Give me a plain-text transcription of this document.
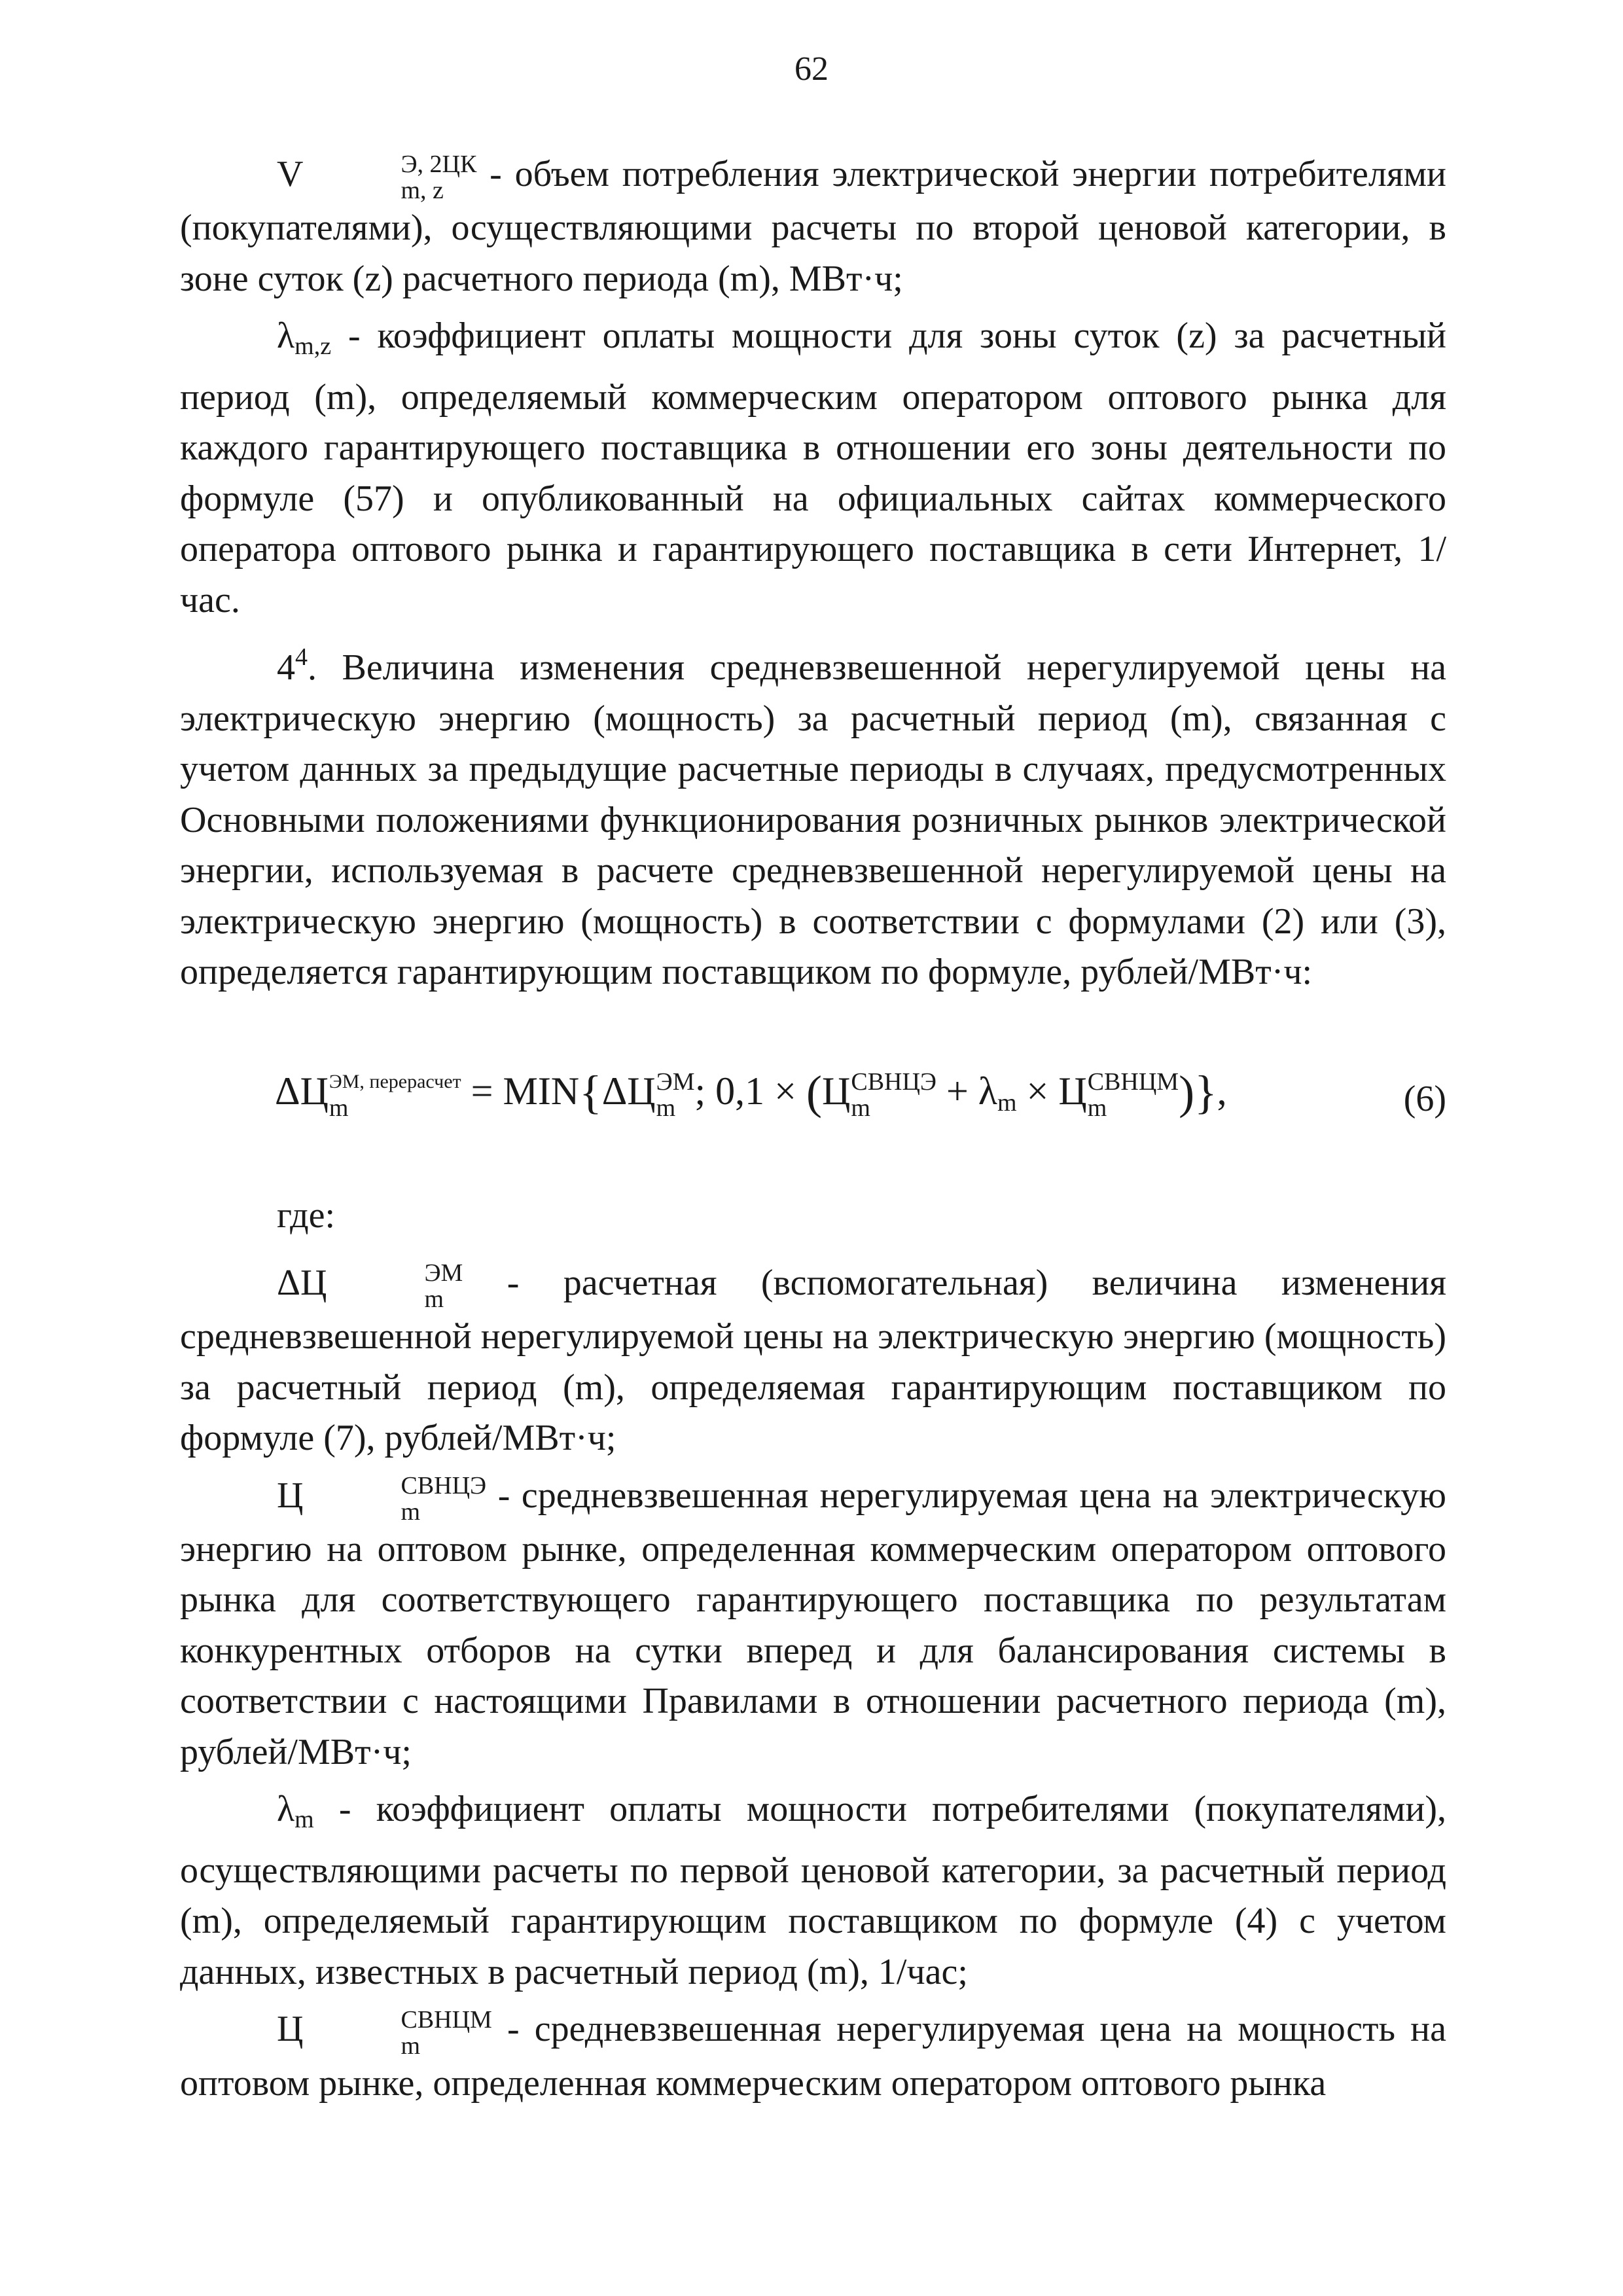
62

V	Э, 2ЦК
m, z	- объем потребления электрической энергии потребителями (покупателями), осуществляющими расчеты по второй ценовой категории, в зоне суток (z) расчетного периода (m), МВт·ч;

λm,z - коэффициент оплаты мощности для зоны суток (z) за расчетный период (m), определяемый коммерческим оператором оптового рынка для каждого гарантирующего поставщика в отношении его зоны деятельности по формуле (57) и опубликованный на официальных сайтах коммерческого оператора оптового рынка и гарантирующего поставщика в сети Интернет, 1/час.

$4^4$. Величина изменения средневзвешенной нерегулируемой цены на электрическую энергию (мощность) за расчетный период (m), связанная с учетом данных за предыдущие расчетные периоды в случаях, предусмотренных Основными положениями функционирования розничных рынков электрической энергии, используемая в расчете средневзвешенной нерегулируемой цены на электрическую энергию (мощность) в соответствии с формулами (2) или (3), определяется гарантирующим поставщиком по формуле, рублей/МВт·ч:

ΔЦ ЭМ, перерасчет
m	= MIN{ΔЦ ЭМ
m ; 0,1 × (Ц СВНЦЭ
m	+ λm × Ц СВНЦМ
m	)},	(6)

где:

ΔЦ	ЭМ
m	- расчетная (вспомогательная) величина изменения средневзвешенной нерегулируемой цены на электрическую энергию (мощность) за расчетный период (m), определяемая гарантирующим поставщиком по формуле (7), рублей/МВт·ч;

Ц	СВНЦЭ
m	- средневзвешенная нерегулируемая цена на электрическую энергию на оптовом рынке, определенная коммерческим оператором оптового рынка для соответствующего гарантирующего поставщика по результатам конкурентных отборов на сутки вперед и для балансирования системы в соответствии с настоящими Правилами в отношении расчетного периода (m), рублей/МВт·ч;

λm - коэффициент оплаты мощности потребителями (покупателями), осуществляющими расчеты по первой ценовой категории, за расчетный период (m), определяемый гарантирующим поставщиком по формуле (4) с учетом данных, известных в расчетный период (m), 1/час;

Ц	СВНЦМ
m	- средневзвешенная нерегулируемая цена на мощность на оптовом рынке, определенная коммерческим оператором оптового рынка
